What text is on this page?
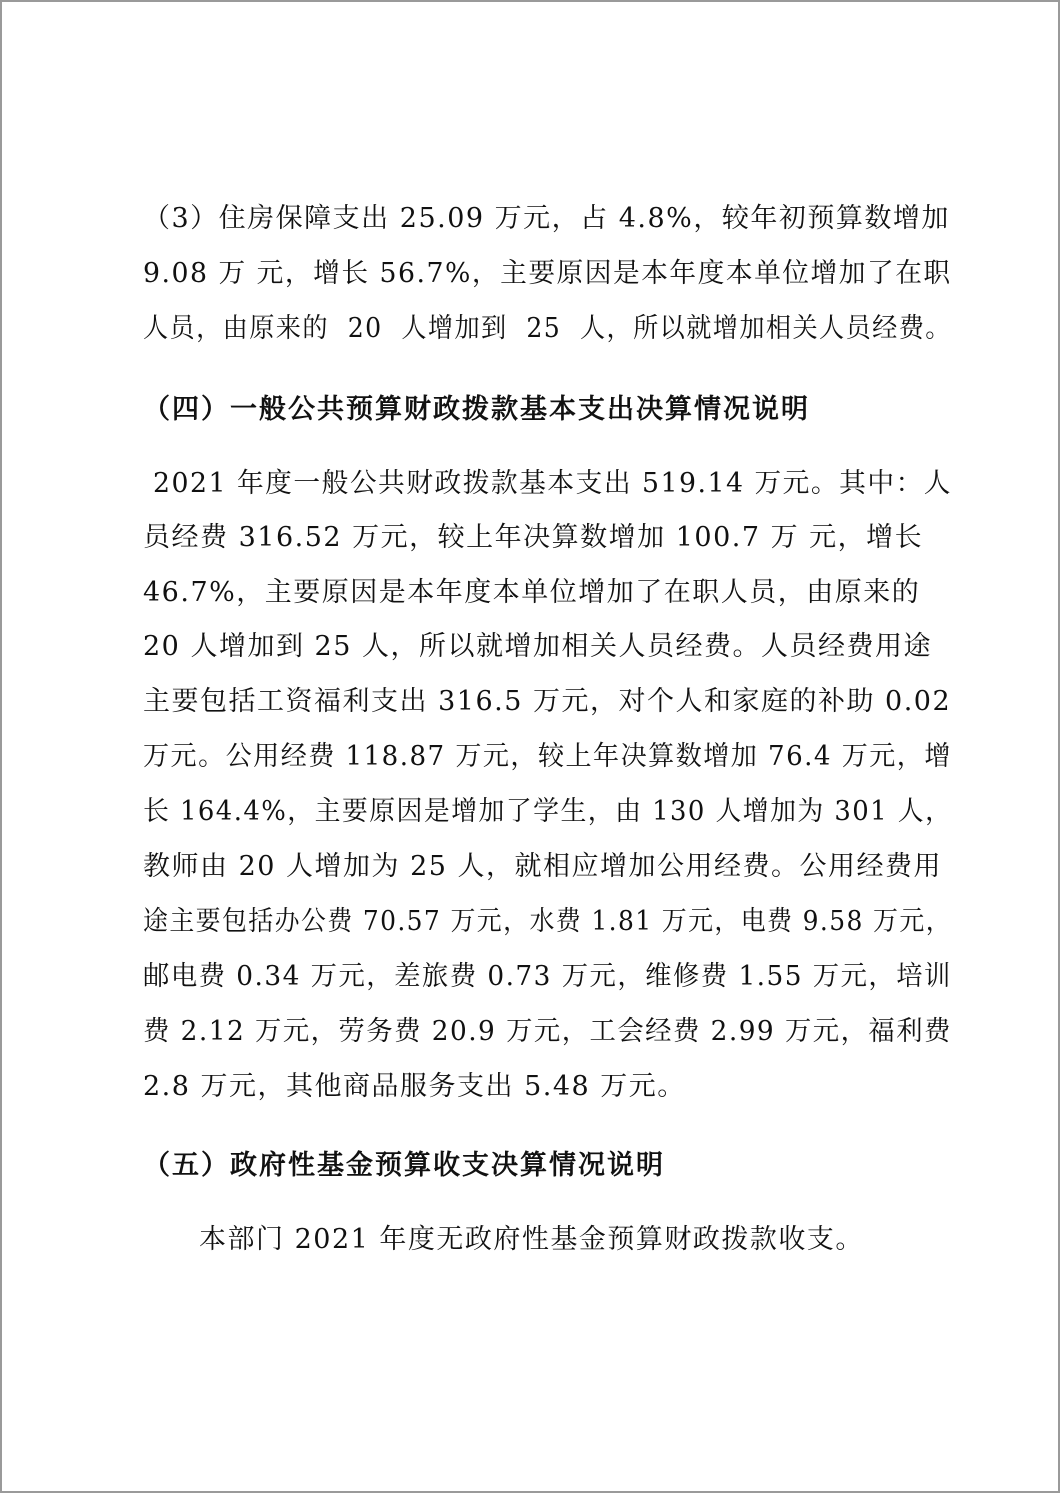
（3）住房保障支出 25.09 万元，占 4.8%，较年初预算数增加
9.08 万 元，增长 56.7%，主要原因是本年度本单位增加了在职
人员，由原来的  20  人增加到  25  人，所以就增加相关人员经费。
（四）一般公共预算财政拨款基本支出决算情况说明
2021 年度一般公共财政拨款基本支出 519.14 万元。其中：人
员经费 316.52 万元，较上年决算数增加 100.7 万 元，增长
46.7%，主要原因是本年度本单位增加了在职人员，由原来的
20 人增加到 25 人，所以就增加相关人员经费。人员经费用途
主要包括工资福利支出 316.5 万元，对个人和家庭的补助 0.02
万元。公用经费 118.87 万元，较上年决算数增加 76.4 万元，增
长 164.4%，主要原因是增加了学生，由 130 人增加为 301 人，
教师由 20 人增加为 25 人，就相应增加公用经费。公用经费用
途主要包括办公费 70.57 万元，水费 1.81 万元，电费 9.58 万元，
邮电费 0.34 万元，差旅费 0.73 万元，维修费 1.55 万元，培训
费 2.12 万元，劳务费 20.9 万元，工会经费 2.99 万元，福利费
2.8 万元，其他商品服务支出 5.48 万元。
（五）政府性基金预算收支决算情况说明
本部门 2021 年度无政府性基金预算财政拨款收支。
